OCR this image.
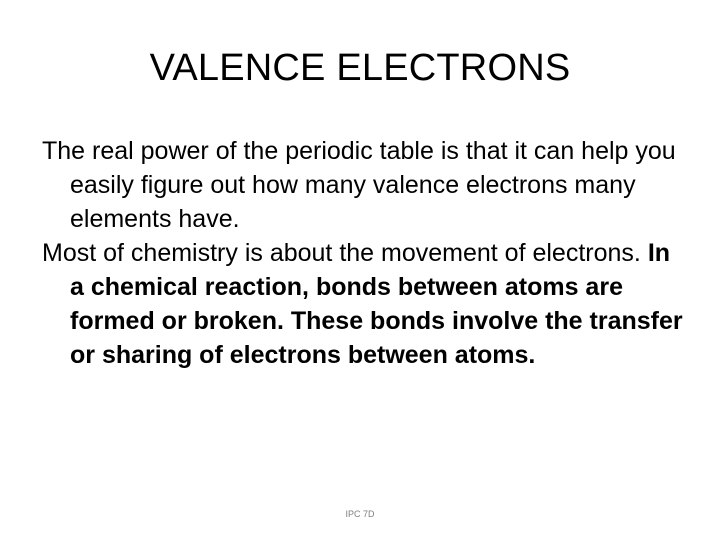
VALENCE ELECTRONS

The real power of the periodic table is that it can help you easily figure out how many valence electrons many elements have.

Most of chemistry is about the movement of electrons. In a chemical reaction, bonds between atoms are formed or broken. These bonds involve the transfer or sharing of electrons between atoms.

IPC 7D
